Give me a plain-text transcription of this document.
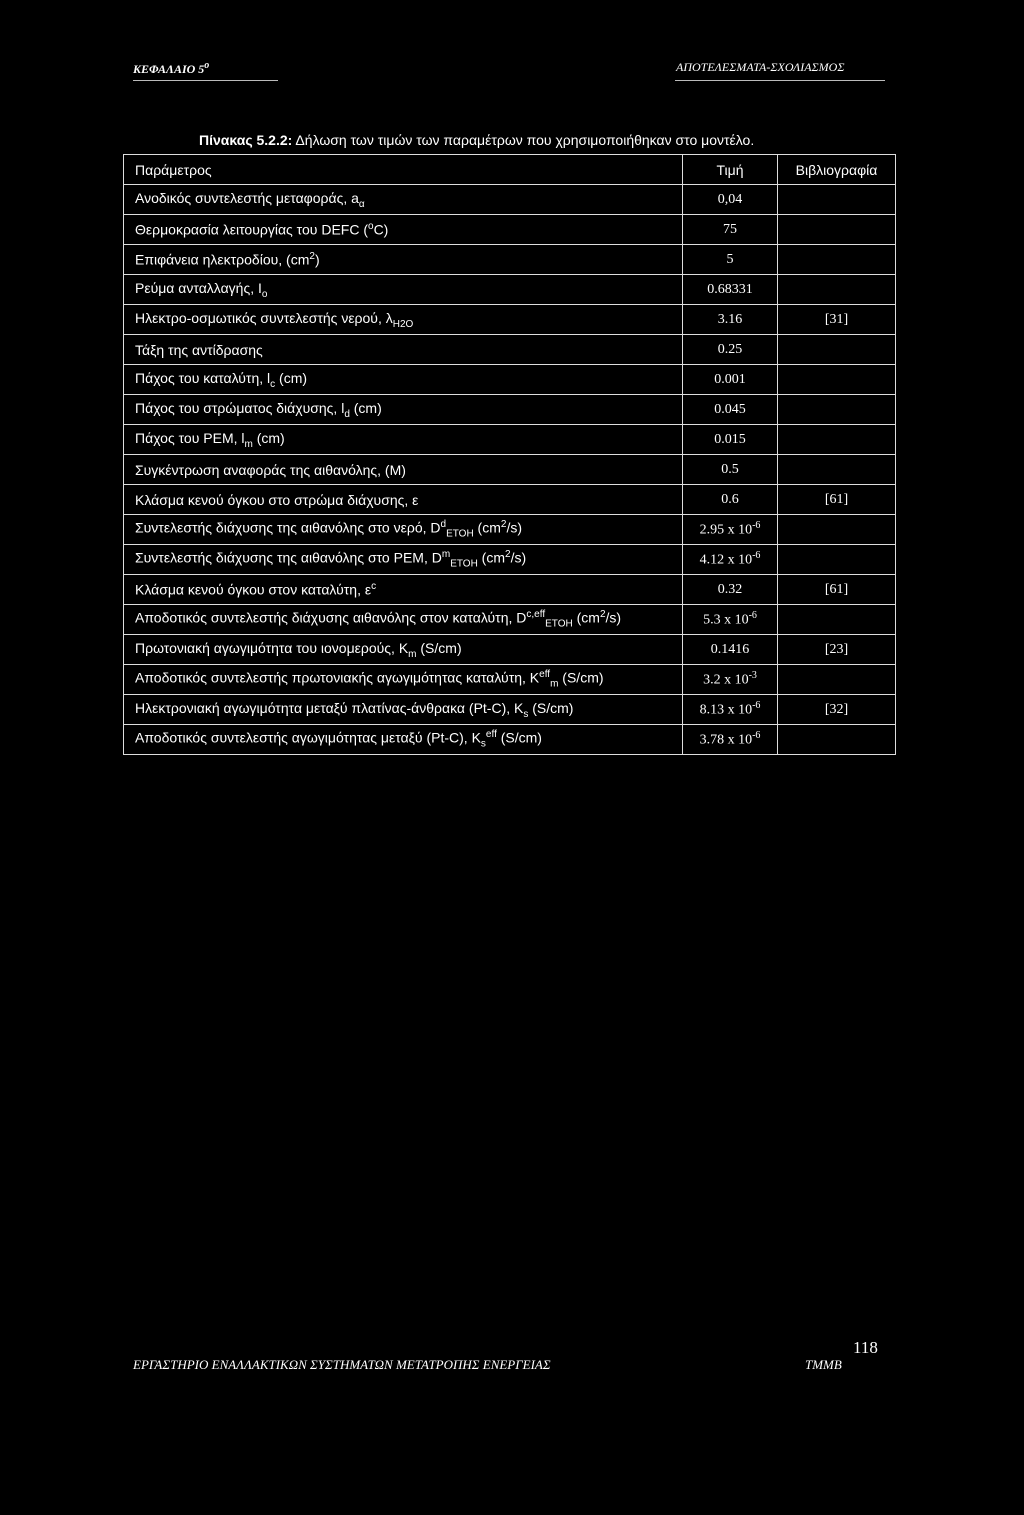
ΚΕΦΑΛΑΙΟ $5^o$	ΑΠΟΤΕΛΕΣΜΑΤΑ-ΣΧΟΛΙΑΣΜΟΣ
Πίνακας 5.2.2: Δήλωση των τιμών των παραμέτρων που χρησιμοποιήθηκαν στο μοντέλο.
Παράμετρος	Τιμή	Βιβλιογραφία
Ανοδικός συντελεστής μεταφοράς, $a_\alpha$	0,04	
Θερμοκρασία λειτουργίας του DEFC ($^o$C)	75	
Επιφάνεια ηλεκτροδίου, $(cm^2)$	5	
Ρεύμα ανταλλαγής, $I_o$	0.68331	
Ηλεκτρο-οσμωτικός συντελεστής νερού, $\lambda_{H2O}$	3.16	[31]
Τάξη της αντίδρασης	0.25	
Πάχος του καταλύτη, $l_c$ (cm)	0.001	
Πάχος του στρώματος διάχυσης, $l_d$ (cm)	0.045	
Πάχος του PEM, $l_m$ (cm)	0.015	
Συγκέντρωση αναφοράς της αιθανόλης, (M)	0.5	
Κλάσμα κενού όγκου στο στρώμα διάχυσης, ε	0.6	[61]
Συντελεστής διάχυσης της αιθανόλης στο νερό, $D^d_{ETOH}$ $(cm^2/s)$	2.95 x $10^{-6}$	
Συντελεστής διάχυσης της αιθανόλης στο PEM, $D^m_{ETOH}$ $(cm^2/s)$	4.12 x $10^{-6}$	
Κλάσμα κενού όγκου στον καταλύτη, $\varepsilon^c$	0.32	[61]
Αποδοτικός συντελεστής διάχυσης αιθανόλης στον καταλύτη, $D^{c,eff}_{ETOH}$ $(cm^2/s)$	5.3 x $10^{-6}$	
Πρωτονιακή αγωγιμότητα του ιονομερούς, $K_m$ (S/cm)	0.1416	[23]
Αποδοτικός συντελεστής πρωτονιακής αγωγιμότητας καταλύτη, $K^{eff}_m$ (S/cm)	3.2 x $10^{-3}$	
Ηλεκτρονιακή αγωγιμότητα μεταξύ πλατίνας-άνθρακα (Pt-C), $K_s$ (S/cm)	8.13 x $10^{-6}$	[32]
Αποδοτικός συντελεστής αγωγιμότητας μεταξύ (Pt-C), $K_s^{eff}$ (S/cm)	3.78 x $10^{-6}$	
ΕΡΓΑΣΤΗΡΙΟ ΕΝΑΛΛΑΚΤΙΚΩΝ ΣΥΣΤΗΜΑΤΩΝ ΜΕΤΑΤΡΟΠΗΣ ΕΝΕΡΓΕΙΑΣ	ΤΜΜΒ
118
